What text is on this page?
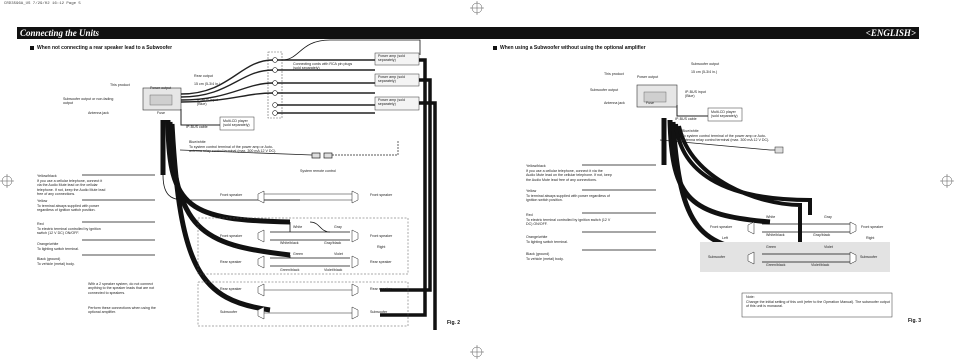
CRD3596A_US 7/29/02 16:12 Page 5
Connecting the Units	<ENGLISH>
When not connecting a rear speaker lead to a Subwoofer
This product
Power output
Subwoofer output or non-fading output
Antenna jack	Fuse
Rear output
15 cm (5-3/4 in.)
IP-BUS input (Blue)
IP-BUS cable
Multi-CD player (sold separately)
Connecting cords with RCA pin plugs (sold separately)
Power amp (sold separately)
Power amp (sold separately)
Power amp (sold separately)
Blue/white
To system control terminal of the power amp or Auto-antenna relay control terminal (max. 300 mA 12 V DC).
System remote control
Yellow/black
If you use a cellular telephone, connect it via the Audio Mute lead on the cellular telephone. If not, keep the Audio Mute lead free of any connections.
Yellow
To terminal always supplied with power regardless of ignition switch position.
Red
To electric terminal controlled by ignition switch (12 V DC) ON/OFF.
Orange/white
To lighting switch terminal.
Black (ground)
To vehicle (metal) body.
Front speaker	Front speaker
Front speaker	Front speaker
Left	Right
Rear speaker	Rear speaker
White
White/black
Gray
Gray/black
Green
Green/black
Violet
Violet/black
Rear speaker	Rear speaker
Subwoofer	Subwoofer
With a 2 speaker system, do not connect anything to the speaker leads that are not connected to speakers.
Perform these connections when using the optional amplifier.
Fig. 2
When using a Subwoofer without using the optional amplifier
This product
Power output
Subwoofer output
15 cm (5-3/4 in.)
Subwoofer output
Antenna jack	Fuse
IP-BUS input (Blue)
IP-BUS cable
Multi-CD player (sold separately)
Blue/white
To system control terminal of the power amp or Auto-antenna relay control terminal (max. 300 mA 12 V DC).
Yellow/black
If you use a cellular telephone, connect it via the Audio Mute lead on the cellular telephone. If not, keep the Audio Mute lead free of any connections.
Yellow
To terminal always supplied with power regardless of ignition switch position.
Red
To electric terminal controlled by ignition switch (12 V DC) ON/OFF.
Orange/white
To lighting switch terminal.
Black (ground)
To vehicle (metal) body.
Front speaker	Front speaker
Left	Right
White
White/black
Gray
Gray/black
Green
Green/black
Violet
Violet/black
Subwoofer	Subwoofer
Note:
Change the initial setting of this unit (refer to the Operation Manual). The subwoofer output of this unit is monaural.
Fig. 3
